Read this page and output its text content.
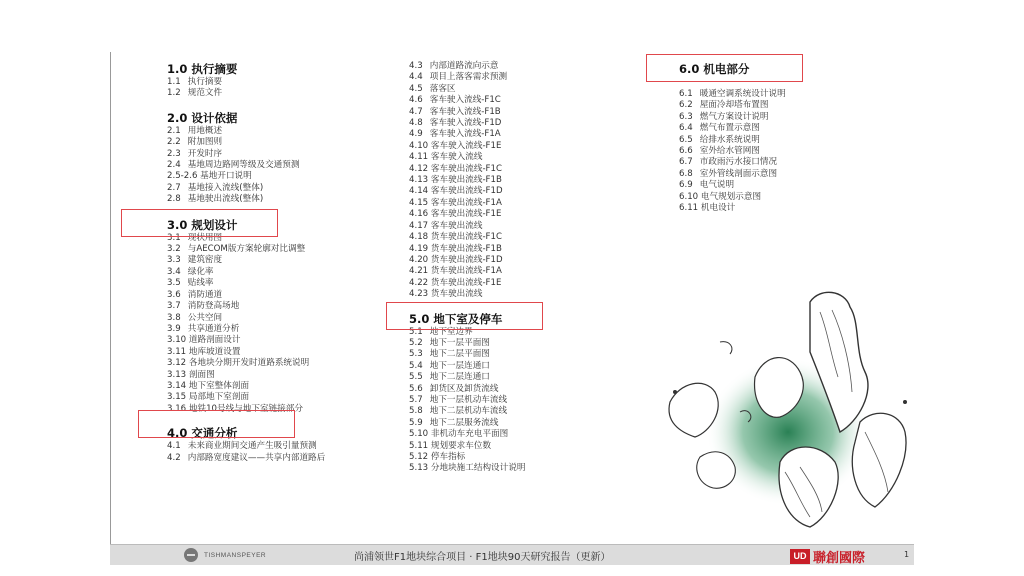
1.0 执行摘要
1.1 执行摘要
1.2 规范文件
2.0 设计依据
2.1 用地概述
2.2 附加图则
2.3 开发时序
2.4 基地周边路网等级及交通预测
2.5-2.6 基地开口说明
2.7 基地接入流线(整体)
2.8 基地驶出流线(整体)
3.0 规划设计
3.1 现状用图
3.2 与AECOM版方案轮廓对比调整
3.3 建筑密度
3.4 绿化率
3.5 贴线率
3.6 消防通道
3.7 消防登高场地
3.8 公共空间
3.9 共享通道分析
3.10 道路剖面设计
3.11 地库坡道设置
3.12 各地块分期开发时道路系统说明
3.13 剖面图
3.14 地下室整体剖面
3.15 局部地下室剖面
3.16 地铁10号线与地下室链接部分
4.0 交通分析
4.1 未来商业期间交通产生吸引量预测
4.2 内部路宽度建议——共享内部道路后
4.3 内部道路流向示意
4.4 项目上落客需求预测
4.5 落客区
4.6 客车驶入流线-F1C
4.7 客车驶入流线-F1B
4.8 客车驶入流线-F1D
4.9 客车驶入流线-F1A
4.10 客车驶入流线-F1E
4.11 客车驶入流线
4.12 客车驶出流线-F1C
4.13 客车驶出流线-F1B
4.14 客车驶出流线-F1D
4.15 客车驶出流线-F1A
4.16 客车驶出流线-F1E
4.17 客车驶出流线
4.18 货车驶出流线-F1C
4.19 货车驶出流线-F1B
4.20 货车驶出流线-F1D
4.21 货车驶出流线-F1A
4.22 货车驶出流线-F1E
4.23 货车驶出流线
5.0 地下室及停车
5.1 地下室边界
5.2 地下一层平面图
5.3 地下二层平面图
5.4 地下一层连通口
5.5 地下二层连通口
5.6 卸货区及卸货流线
5.7 地下一层机动车流线
5.8 地下二层机动车流线
5.9 地下二层服务流线
5.10 非机动车充电平面图
5.11 规划要求车位数
5.12 停车指标
5.13 分地块施工结构设计说明
6.0 机电部分
6.1 暖通空调系统设计说明
6.2 屋面冷却塔布置图
6.3 燃气方案设计说明
6.4 燃气布置示意图
6.5 给排水系统说明
6.6 室外给水管网图
6.7 市政雨污水接口情况
6.8 室外管线剖面示意图
6.9 电气说明
6.10 电气规划示意图
6.11 机电设计
TISHMANSPEYER	尚浦领世F1地块综合项目 · F1地块90天研究报告（更新）	UD 聯創國際	1
